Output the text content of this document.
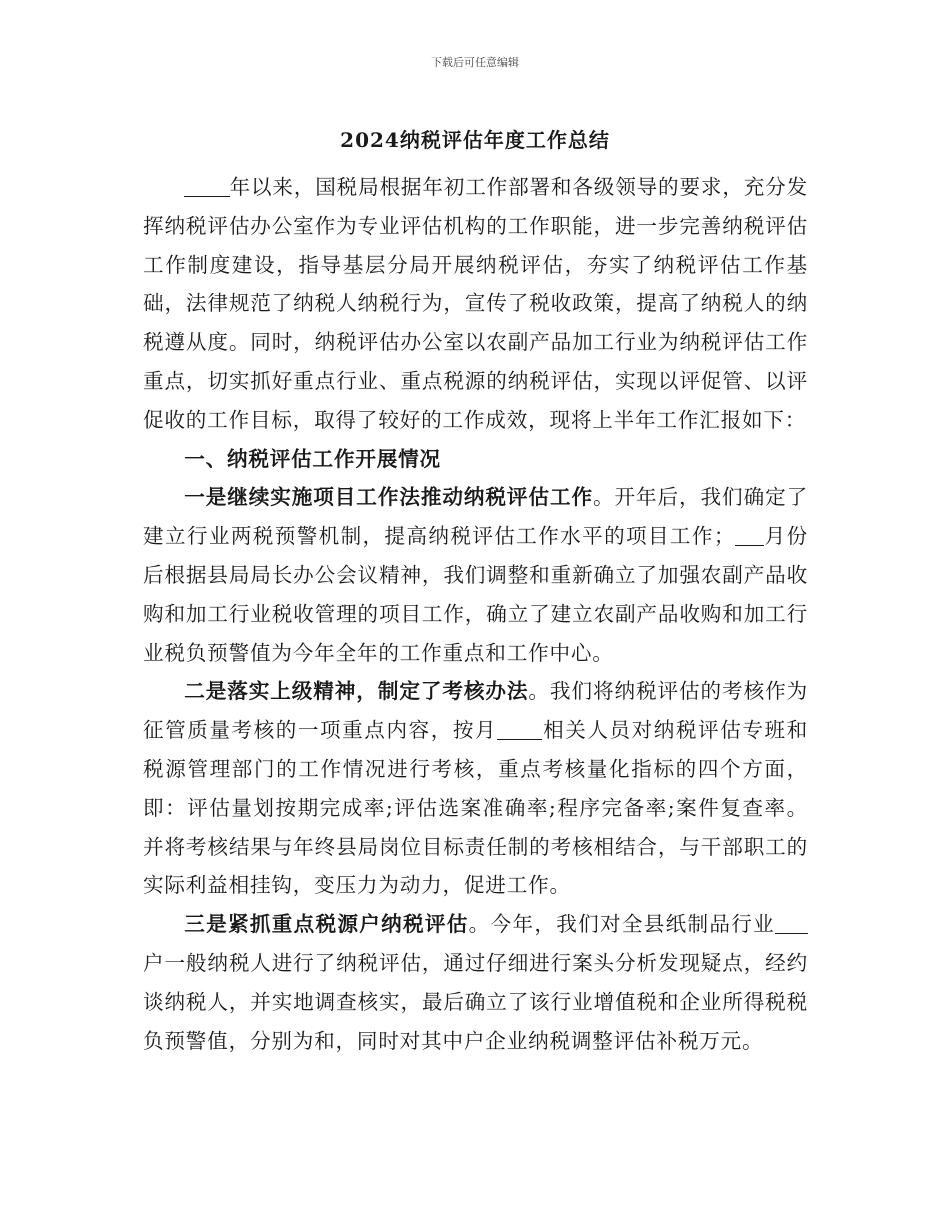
下载后可任意编辑
2024纳税评估年度工作总结

年以来，国税局根据年初工作部署和各级领导的要求，充分发挥纳税评估办公室作为专业评估机构的工作职能，进一步完善纳税评估工作制度建设，指导基层分局开展纳税评估，夯实了纳税评估工作基础，法律规范了纳税人纳税行为，宣传了税收政策，提高了纳税人的纳税遵从度。同时，纳税评估办公室以农副产品加工行业为纳税评估工作重点，切实抓好重点行业、重点税源的纳税评估，实现以评促管、以评促收的工作目标，取得了较好的工作成效，现将上半年工作汇报如下：

一、纳税评估工作开展情况

一是继续实施项目工作法推动纳税评估工作。开年后，我们确定了建立行业两税预警机制，提高纳税评估工作水平的项目工作； 月份后根据县局局长办公会议精神，我们调整和重新确立了加强农副产品收购和加工行业税收管理的项目工作，确立了建立农副产品收购和加工行业税负预警值为今年全年的工作重点和工作中心。

二是落实上级精神，制定了考核办法。我们将纳税评估的考核作为征管质量考核的一项重点内容，按月 相关人员对纳税评估专班和税源管理部门的工作情况进行考核，重点考核量化指标的四个方面，即：评估量划按期完成率;评估选案准确率;程序完备率;案件复查率。并将考核结果与年终县局岗位目标责任制的考核相结合，与干部职工的实际利益相挂钩，变压力为动力，促进工作。

三是紧抓重点税源户纳税评估。今年，我们对全县纸制品行业户一般纳税人进行了纳税评估，通过仔细进行案头分析发现疑点，经约谈纳税人，并实地调查核实，最后确立了该行业增值税和企业所得税税负预警值，分别为和，同时对其中户企业纳税调整评估补税万元。
